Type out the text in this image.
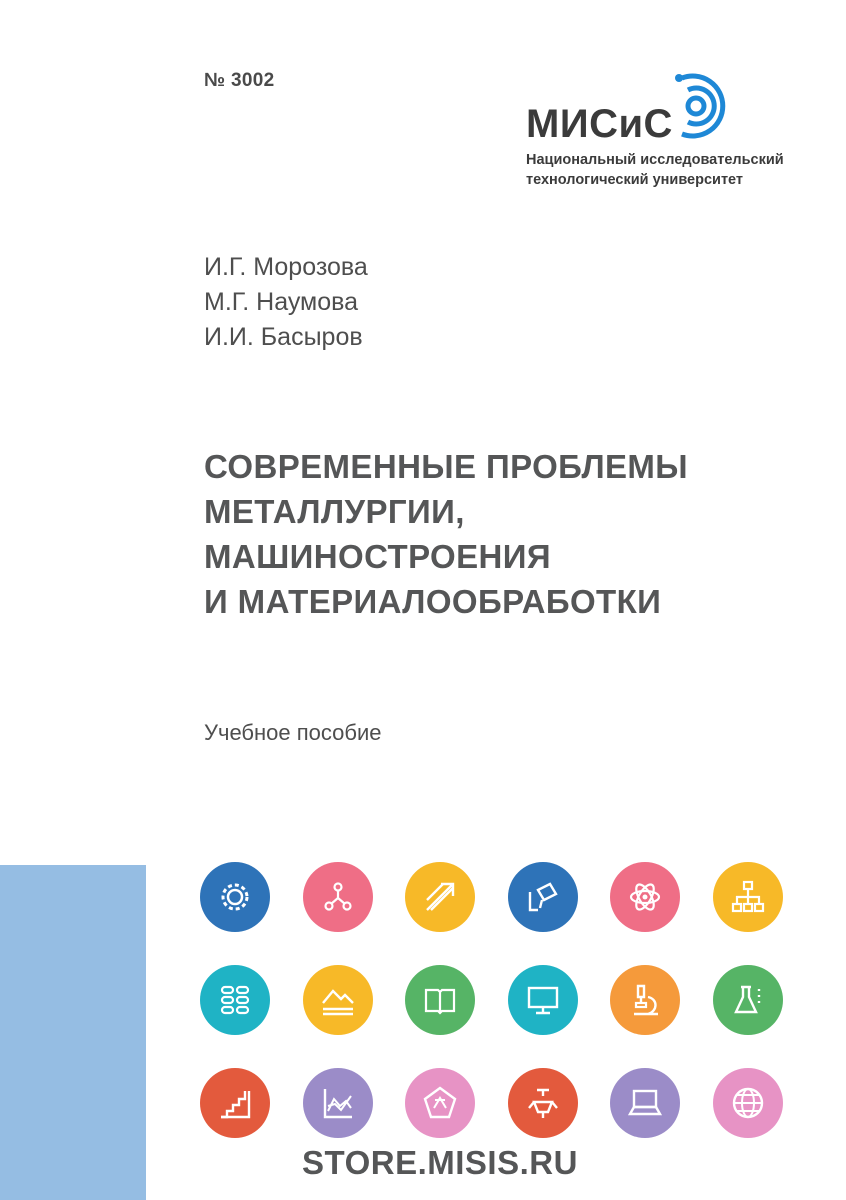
№ 3002
МИСиС
Национальный исследовательский
технологический университет
И.Г. Морозова
М.Г. Наумова
И.И. Басыров
СОВРЕМЕННЫЕ ПРОБЛЕМЫ
МЕТАЛЛУРГИИ,
МАШИНОСТРОЕНИЯ
И МАТЕРИАЛООБРАБОТКИ
Учебное пособие
STORE.MISIS.RU
